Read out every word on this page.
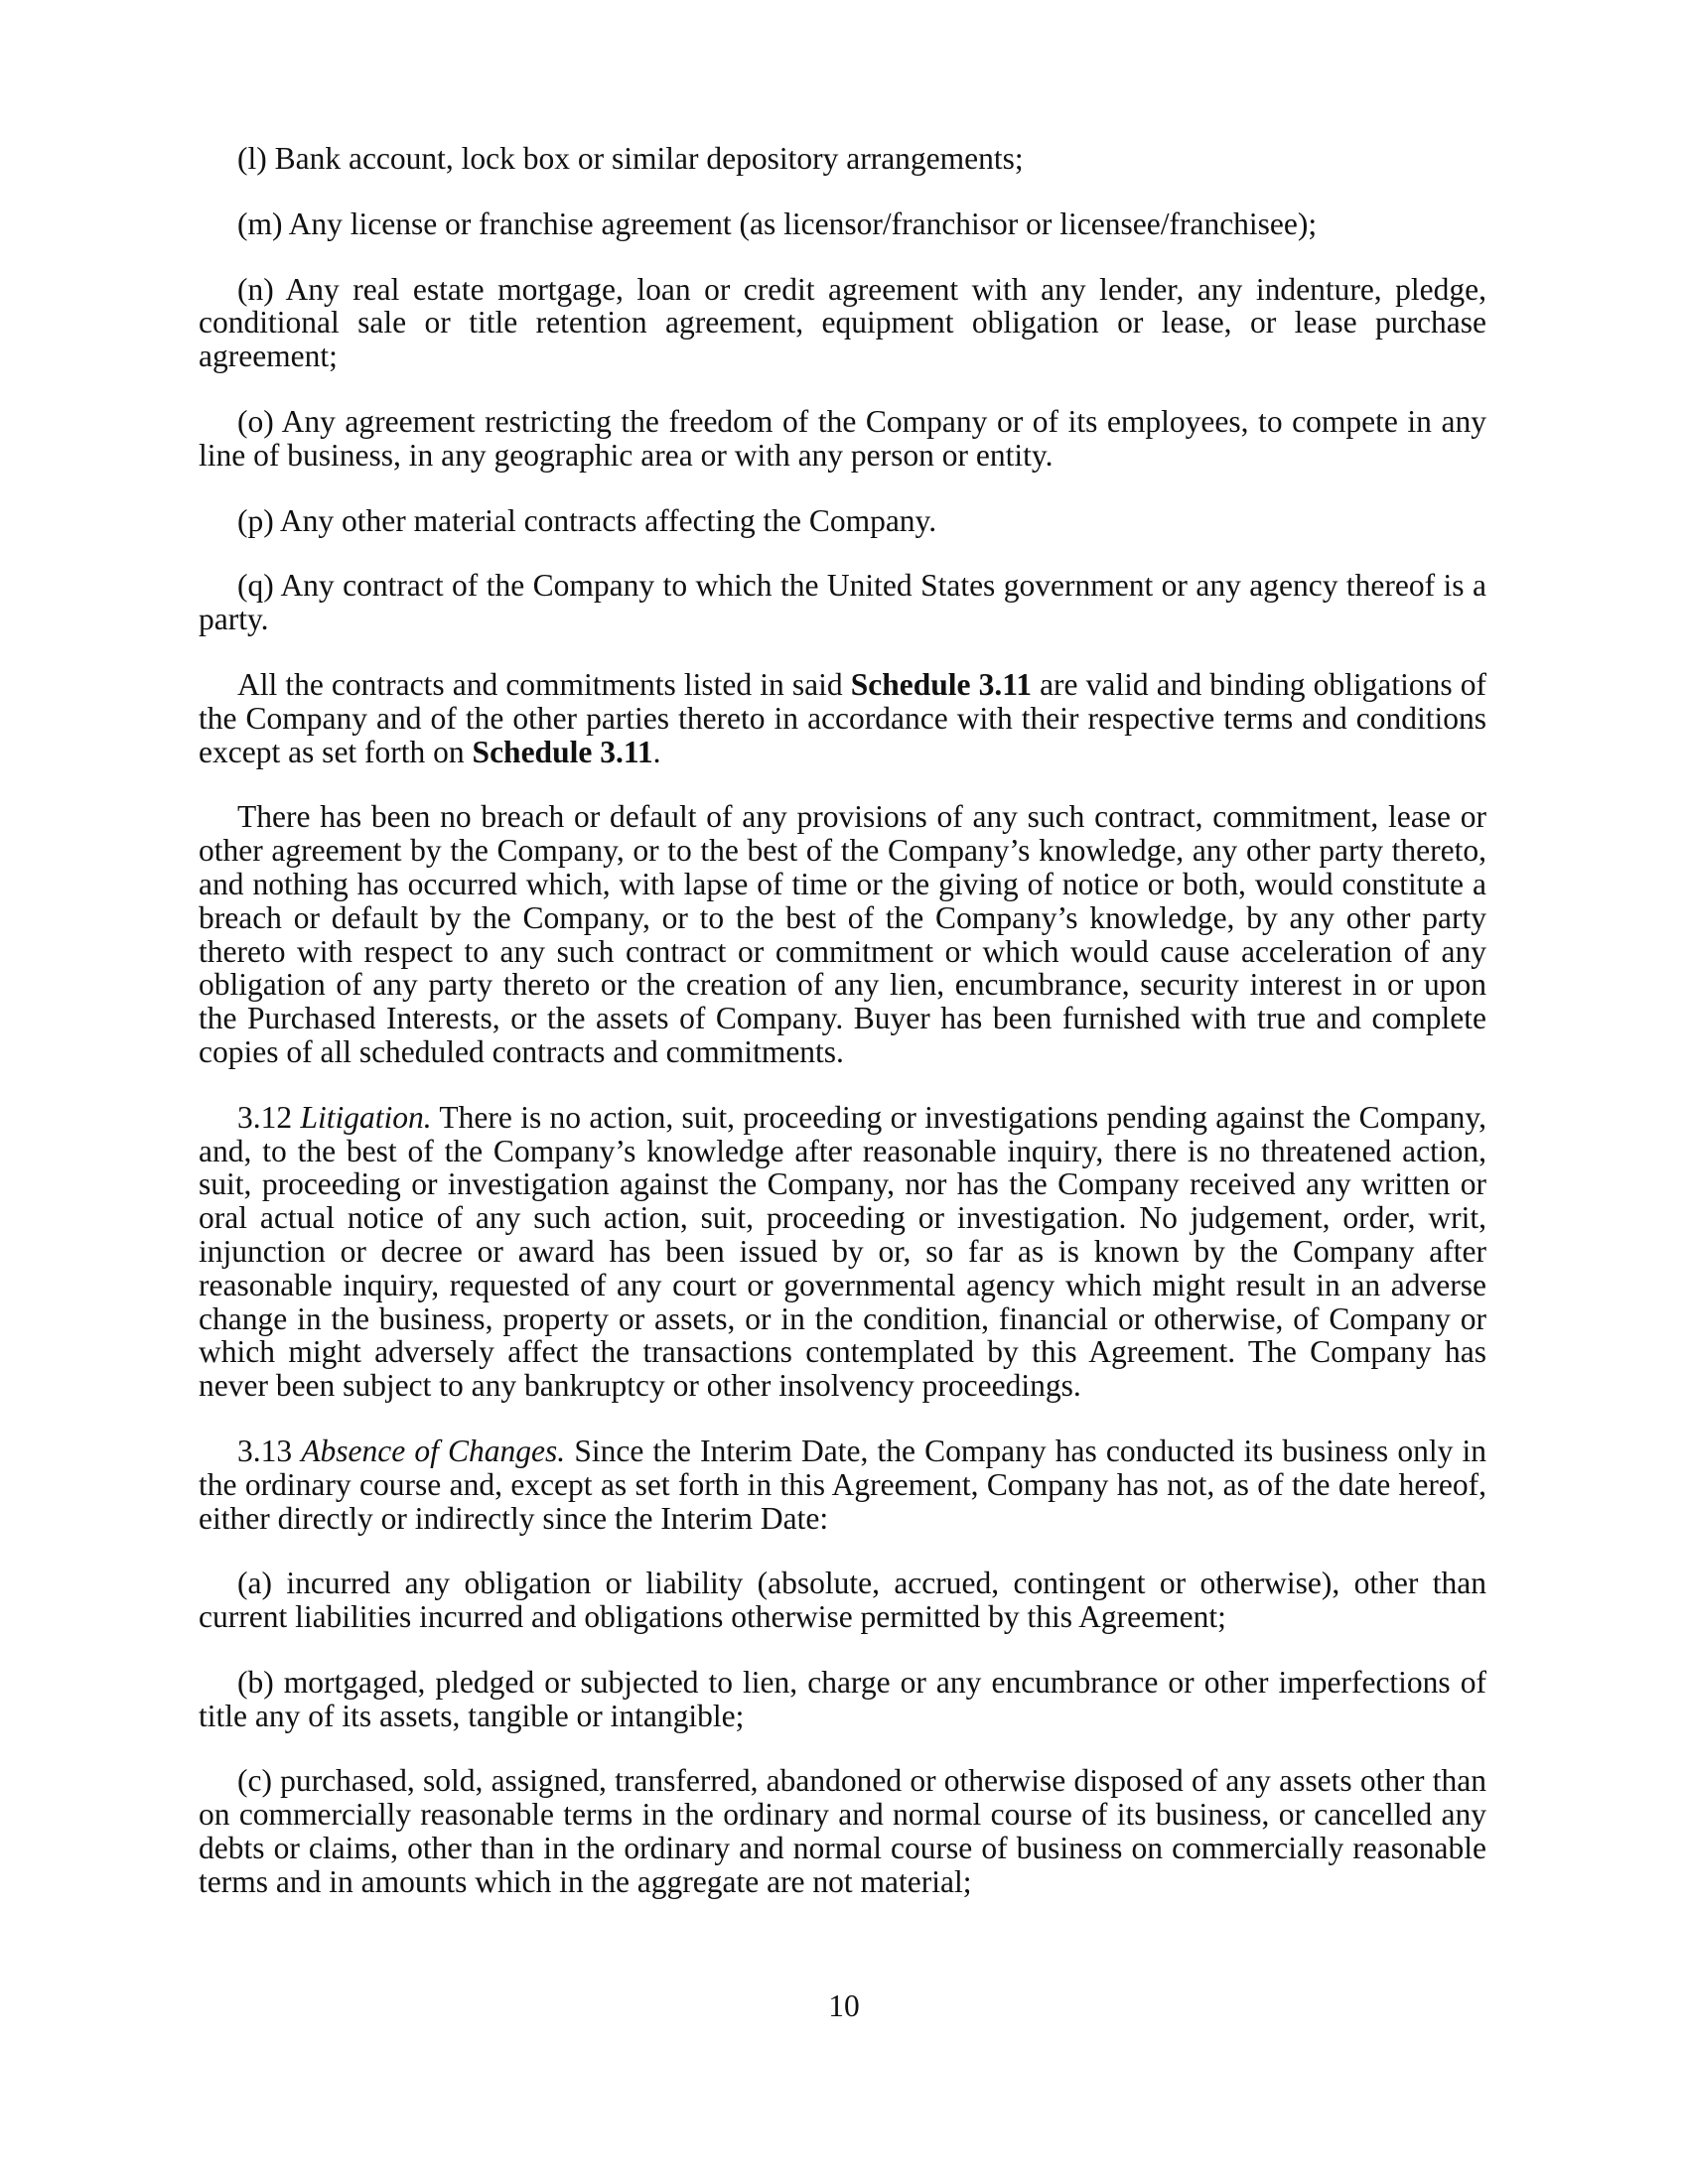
(l) Bank account, lock box or similar depository arrangements;

(m) Any license or franchise agreement (as licensor/franchisor or licensee/franchisee);

(n) Any real estate mortgage, loan or credit agreement with any lender, any indenture, pledge, conditional sale or title retention agreement, equipment obligation or lease, or lease purchase agreement;

(o) Any agreement restricting the freedom of the Company or of its employees, to compete in any line of business, in any geographic area or with any person or entity.

(p) Any other material contracts affecting the Company.

(q) Any contract of the Company to which the United States government or any agency thereof is a party.

All the contracts and commitments listed in said Schedule 3.11 are valid and binding obligations of the Company and of the other parties thereto in accordance with their respective terms and conditions except as set forth on Schedule 3.11.

There has been no breach or default of any provisions of any such contract, commitment, lease or other agreement by the Company, or to the best of the Company’s knowledge, any other party thereto, and nothing has occurred which, with lapse of time or the giving of notice or both, would constitute a breach or default by the Company, or to the best of the Company’s knowledge, by any other party thereto with respect to any such contract or commitment or which would cause acceleration of any obligation of any party thereto or the creation of any lien, encumbrance, security interest in or upon the Purchased Interests, or the assets of Company. Buyer has been furnished with true and complete copies of all scheduled contracts and commitments.

3.12 Litigation. There is no action, suit, proceeding or investigations pending against the Company, and, to the best of the Company’s knowledge after reasonable inquiry, there is no threatened action, suit, proceeding or investigation against the Company, nor has the Company received any written or oral actual notice of any such action, suit, proceeding or investigation. No judgement, order, writ, injunction or decree or award has been issued by or, so far as is known by the Company after reasonable inquiry, requested of any court or governmental agency which might result in an adverse change in the business, property or assets, or in the condition, financial or otherwise, of Company or which might adversely affect the transactions contemplated by this Agreement. The Company has never been subject to any bankruptcy or other insolvency proceedings.

3.13 Absence of Changes. Since the Interim Date, the Company has conducted its business only in the ordinary course and, except as set forth in this Agreement, Company has not, as of the date hereof, either directly or indirectly since the Interim Date:

(a) incurred any obligation or liability (absolute, accrued, contingent or otherwise), other than current liabilities incurred and obligations otherwise permitted by this Agreement;

(b) mortgaged, pledged or subjected to lien, charge or any encumbrance or other imperfections of title any of its assets, tangible or intangible;

(c) purchased, sold, assigned, transferred, abandoned or otherwise disposed of any assets other than on commercially reasonable terms in the ordinary and normal course of its business, or cancelled any debts or claims, other than in the ordinary and normal course of business on commercially reasonable terms and in amounts which in the aggregate are not material;

10
